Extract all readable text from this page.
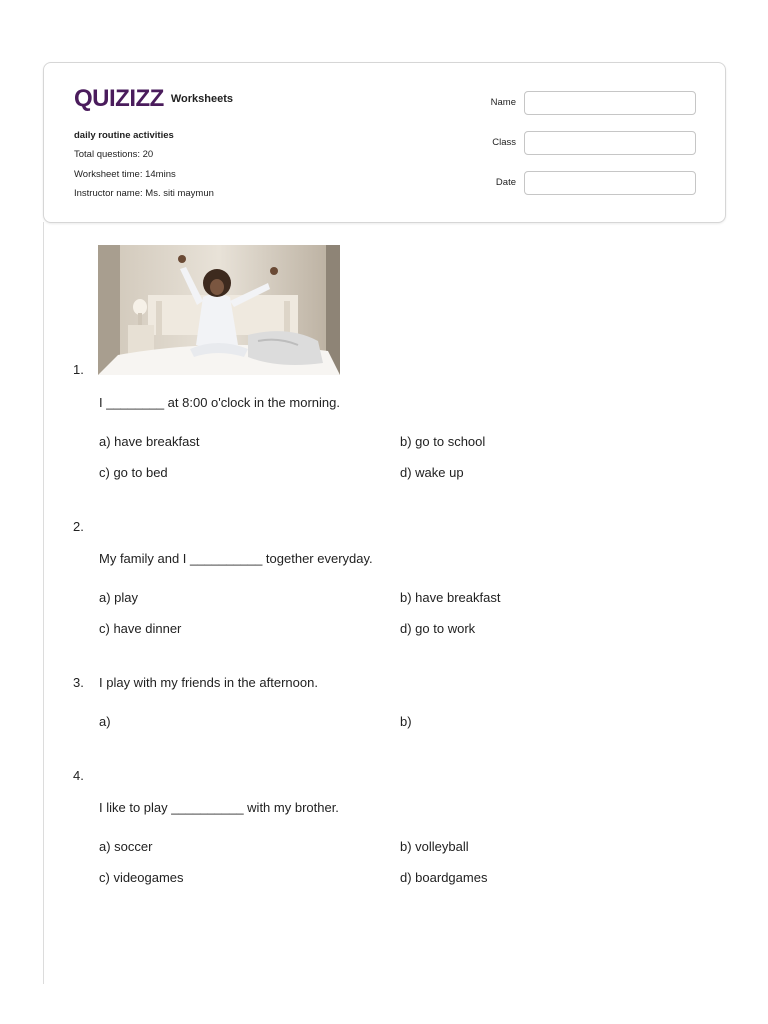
QUIZIZZ Worksheets
daily routine activities
Total questions: 20
Worksheet time: 14mins
Instructor name: Ms. siti maymun
Name
Class
Date
1.
I ________ at 8:00 o'clock in the morning.
a) have breakfast	b) go to school
c) go to bed	d) wake up
2.
My family and I __________ together everyday.
a) play	b) have breakfast
c) have dinner	d) go to work
3. I play with my friends in the afternoon.
a)	b)
4.
I like to play __________ with my brother.
a) soccer	b) volleyball
c) videogames	d) boardgames
